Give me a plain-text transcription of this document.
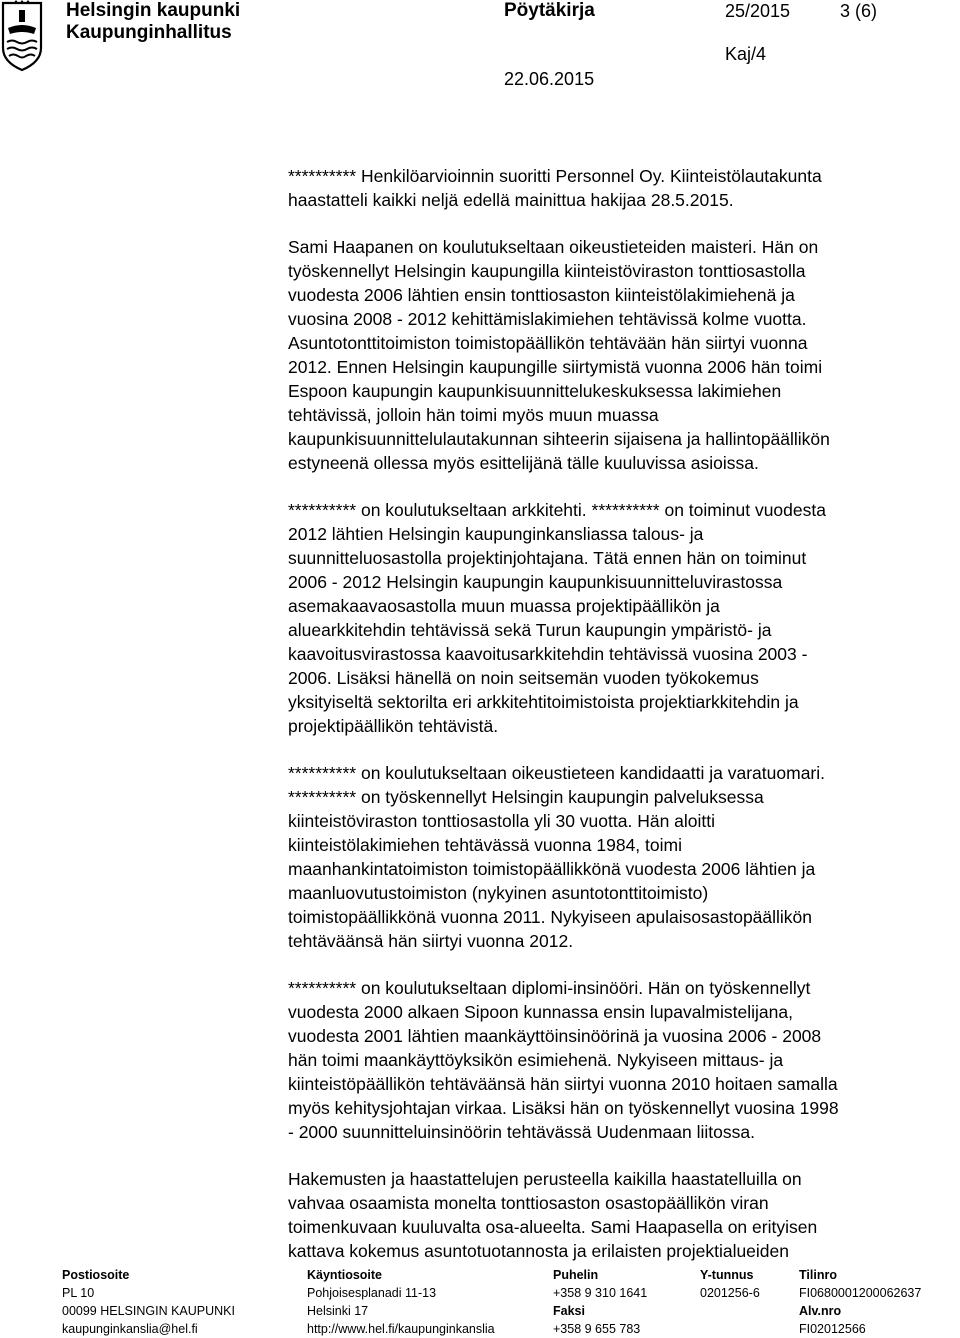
Helsingin kaupunki
Kaupunginhallitus
Pöytäkirja	25/2015	3 (6)
Kaj/4
22.06.2015

********** Henkilöarvioinnin suoritti Personnel Oy. Kiinteistölautakunta
haastatteli kaikki neljä edellä mainittua hakijaa 28.5.2015.

Sami Haapanen on koulutukseltaan oikeustieteiden maisteri. Hän on
työskennellyt Helsingin kaupungilla kiinteistöviraston tonttiosastolla
vuodesta 2006 lähtien ensin tonttiosaston kiinteistölakimiehenä ja
vuosina 2008 - 2012 kehittämislakimiehen tehtävissä kolme vuotta.
Asuntotonttitoimiston toimistopäällikön tehtävään hän siirtyi vuonna
2012. Ennen Helsingin kaupungille siirtymistä vuonna 2006 hän toimi
Espoon kaupungin kaupunkisuunnittelukeskuksessa lakimiehen
tehtävissä, jolloin hän toimi myös muun muassa
kaupunkisuunnittelulautakunnan sihteerin sijaisena ja hallintopäällikön
estyneenä ollessa myös esittelijänä tälle kuuluvissa asioissa.

********** on koulutukseltaan arkkitehti. ********** on toiminut vuodesta
2012 lähtien Helsingin kaupunginkansliassa talous- ja
suunnitteluosastolla projektinjohtajana. Tätä ennen hän on toiminut
2006 - 2012 Helsingin kaupungin kaupunkisuunnitteluvirastossa
asemakaavaosastolla muun muassa projektipäällikön ja
aluearkkitehdin tehtävissä sekä Turun kaupungin ympäristö- ja
kaavoitusvirastossa kaavoitusarkkitehdin tehtävissä vuosina 2003 -
2006. Lisäksi hänellä on noin seitsemän vuoden työkokemus
yksityiseltä sektorilta eri arkkitehtitoimistoista projektiarkkitehdin ja
projektipäällikön tehtävistä.

********** on koulutukseltaan oikeustieteen kandidaatti ja varatuomari.
********** on työskennellyt Helsingin kaupungin palveluksessa
kiinteistöviraston tonttiosastolla yli 30 vuotta. Hän aloitti
kiinteistölakimiehen tehtävässä vuonna 1984, toimi
maanhankintatoimiston toimistopäällikkönä vuodesta 2006 lähtien ja
maanluovutustoimiston (nykyinen asuntotonttitoimisto)
toimistopäällikkönä vuonna 2011. Nykyiseen apulaisosastopäällikön
tehtäväänsä hän siirtyi vuonna 2012.

********** on koulutukseltaan diplomi-insinööri. Hän on työskennellyt
vuodesta 2000 alkaen Sipoon kunnassa ensin lupavalmistelijana,
vuodesta 2001 lähtien maankäyttöinsinöörinä ja vuosina 2006 - 2008
hän toimi maankäyttöyksikön esimiehenä. Nykyiseen mittaus- ja
kiinteistöpäällikön tehtäväänsä hän siirtyi vuonna 2010 hoitaen samalla
myös kehitysjohtajan virkaa. Lisäksi hän on työskennellyt vuosina 1998
- 2000 suunnitteluinsinöörin tehtävässä Uudenmaan liitossa.

Hakemusten ja haastattelujen perusteella kaikilla haastatelluilla on
vahvaa osaamista monelta tonttiosaston osastopäällikön viran
toimenkuvaan kuuluvalta osa-alueelta. Sami Haapasella on erityisen
kattava kokemus asuntotuotannosta ja erilaisten projektialueiden

Postiosoite
PL 10
00099 HELSINGIN KAUPUNKI
kaupunginkanslia@hel.fi
Käyntiosoite
Pohjoisesplanadi 11-13
Helsinki 17
http://www.hel.fi/kaupunginkanslia
Puhelin
+358 9 310 1641
Faksi
+358 9 655 783
Y-tunnus
0201256-6
Tilinro
FI0680001200062637
Alv.nro
FI02012566
